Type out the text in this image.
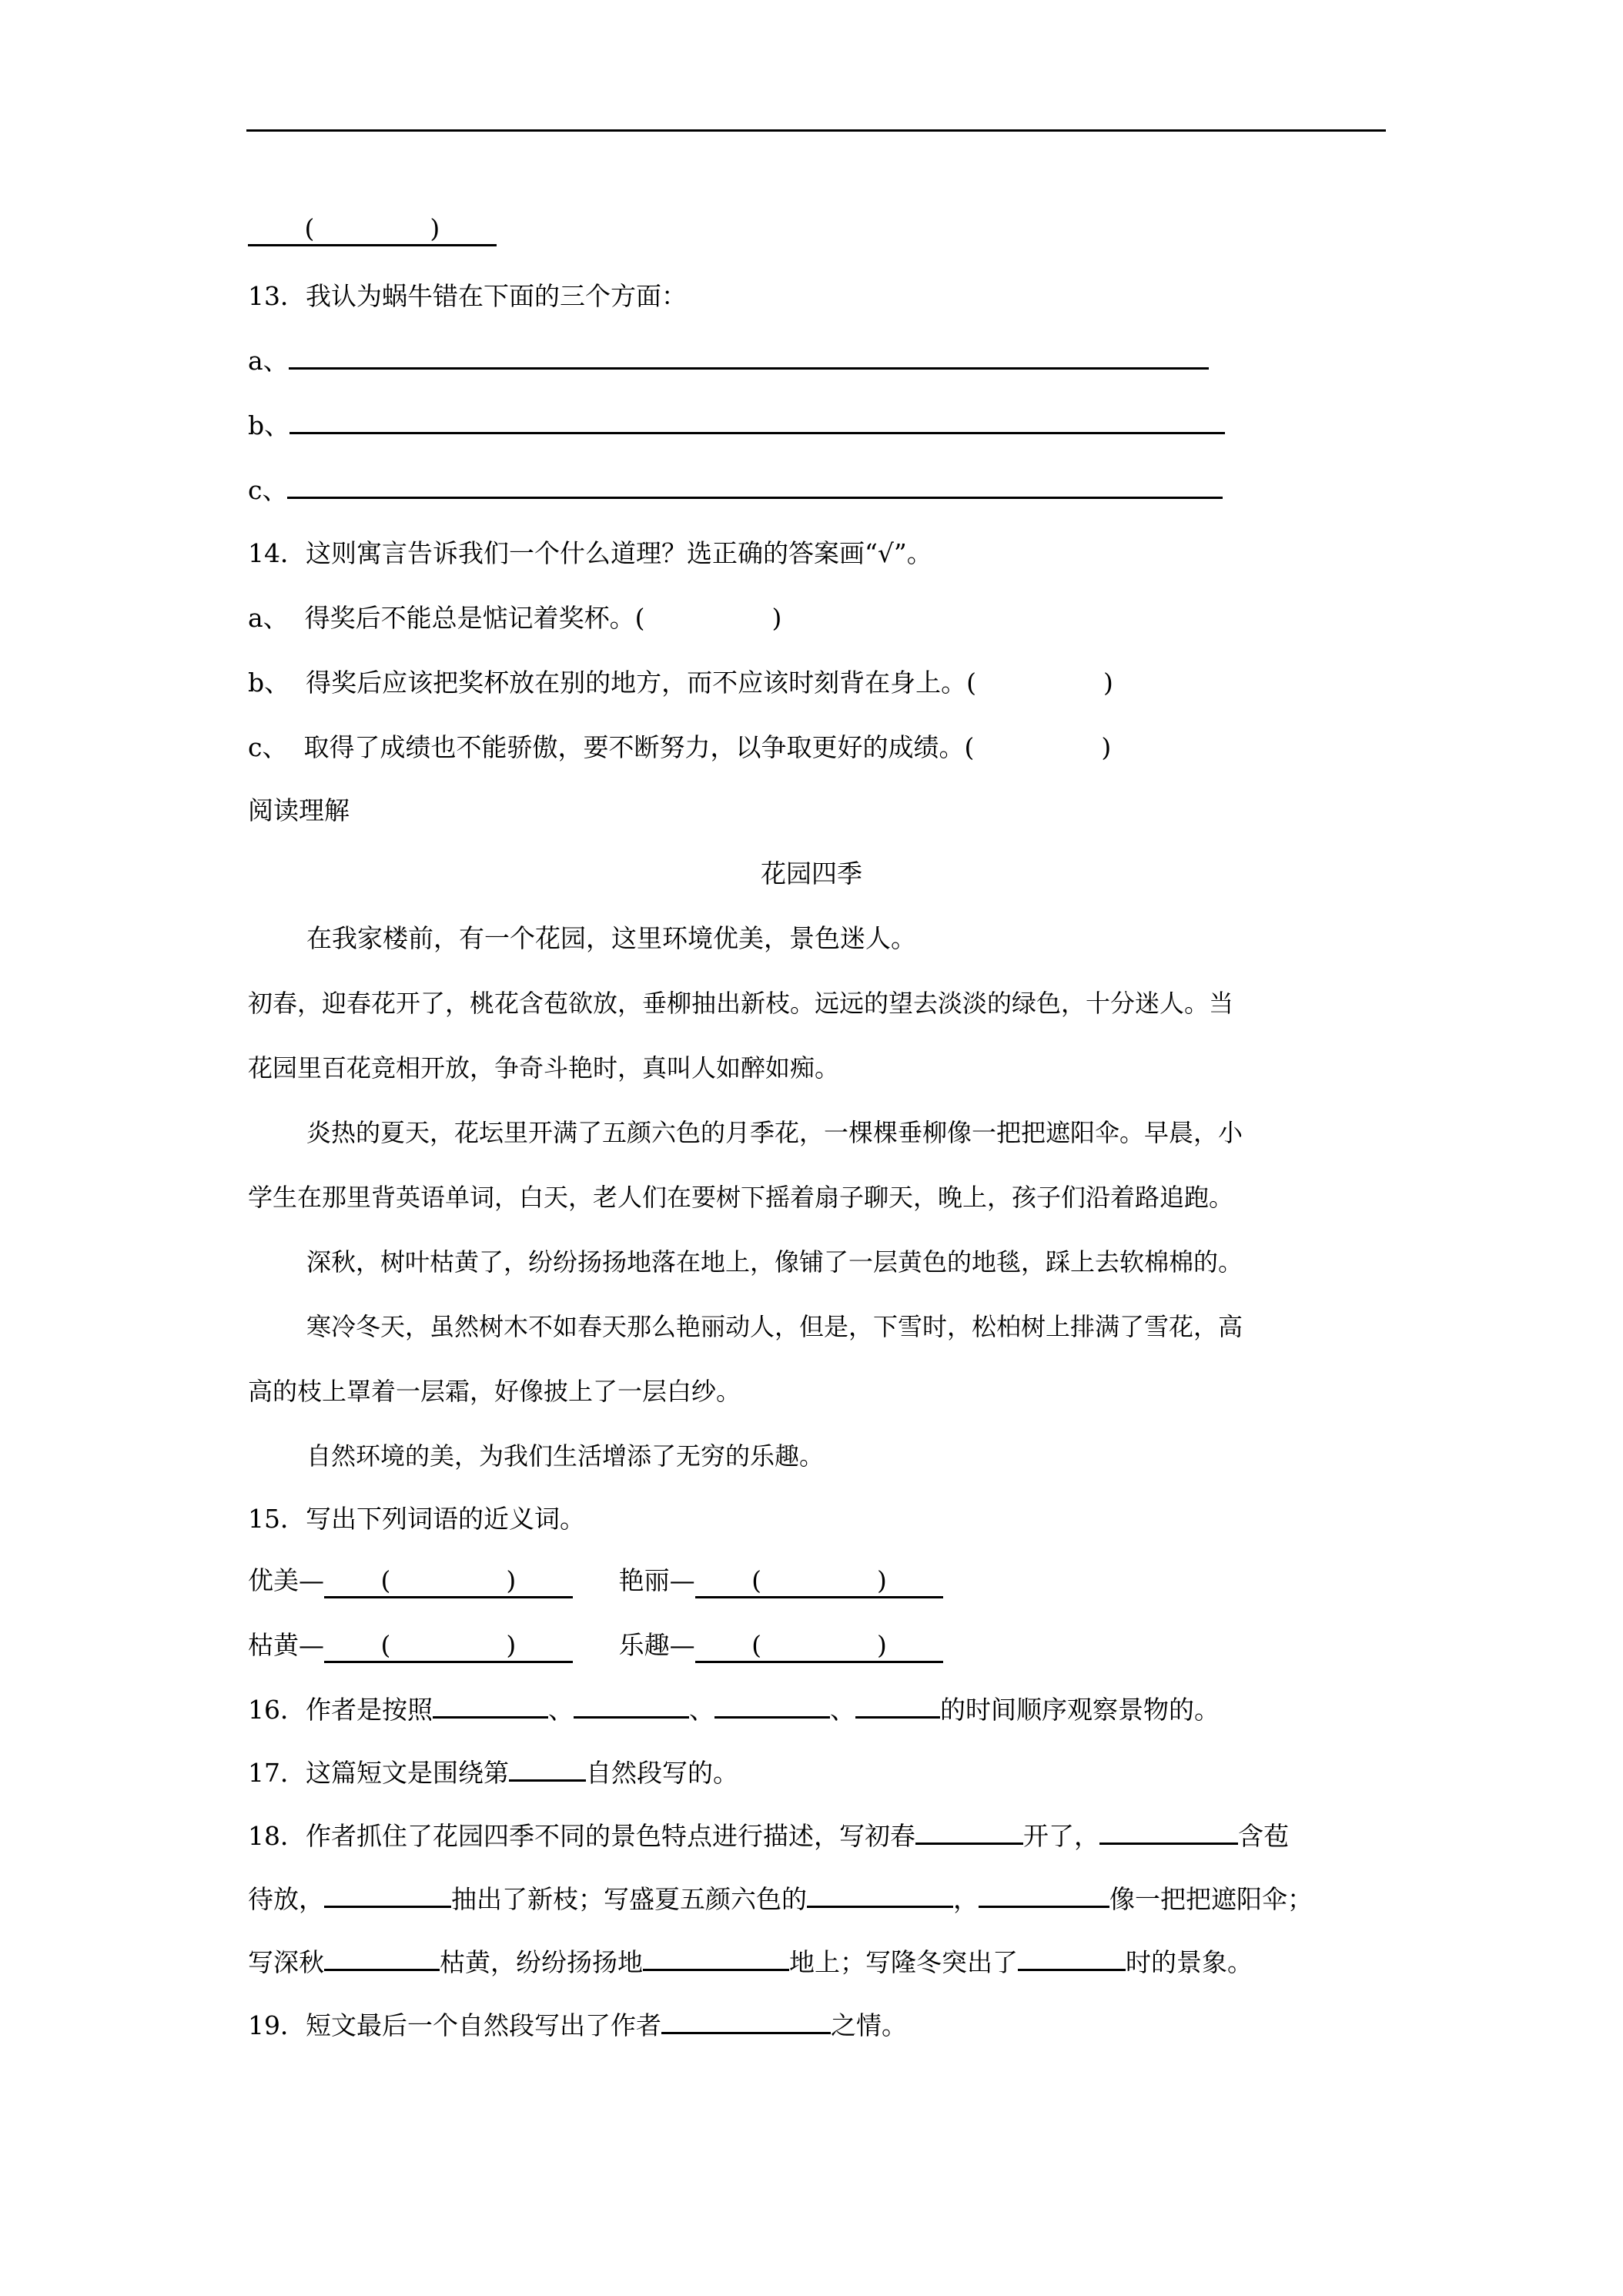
(	)
13．我认为蜗牛错在下面的三个方面：
a、
b、
c、
14．这则寓言告诉我们一个什么道理？选正确的答案画“√”。
a、 得奖后不能总是惦记着奖杯。(	)
b、 得奖后应该把奖杯放在别的地方，而不应该时刻背在身上。(	)
c、 取得了成绩也不能骄傲，要不断努力，以争取更好的成绩。(	)
阅读理解
花园四季
在我家楼前，有一个花园，这里环境优美，景色迷人。
初春，迎春花开了，桃花含苞欲放，垂柳抽出新枝。远远的望去淡淡的绿色，十分迷人。当
花园里百花竞相开放，争奇斗艳时，真叫人如醉如痴。
炎热的夏天，花坛里开满了五颜六色的月季花，一棵棵垂柳像一把把遮阳伞。早晨，小
学生在那里背英语单词，白天，老人们在要树下摇着扇子聊天，晚上，孩子们沿着路追跑。
深秋，树叶枯黄了，纷纷扬扬地落在地上，像铺了一层黄色的地毯，踩上去软棉棉的。
寒冷冬天，虽然树木不如春天那么艳丽动人，但是，下雪时，松柏树上排满了雪花，高
高的枝上罩着一层霜，好像披上了一层白纱。
自然环境的美，为我们生活增添了无穷的乐趣。
15．写出下列词语的近义词。
优美— (	)	艳丽— (	)
枯黄— (	)	乐趣— (	)
16．作者是按照	、	、	、	的时间顺序观察景物的。
17．这篇短文是围绕第	自然段写的。
18．作者抓住了花园四季不同的景色特点进行描述，写初春	开了，	含苞
待放，	抽出了新枝；写盛夏五颜六色的	，	像一把把遮阳伞；
写深秋	枯黄，纷纷扬扬地	地上；写隆冬突出了	时的景象。
19．短文最后一个自然段写出了作者	之情。
